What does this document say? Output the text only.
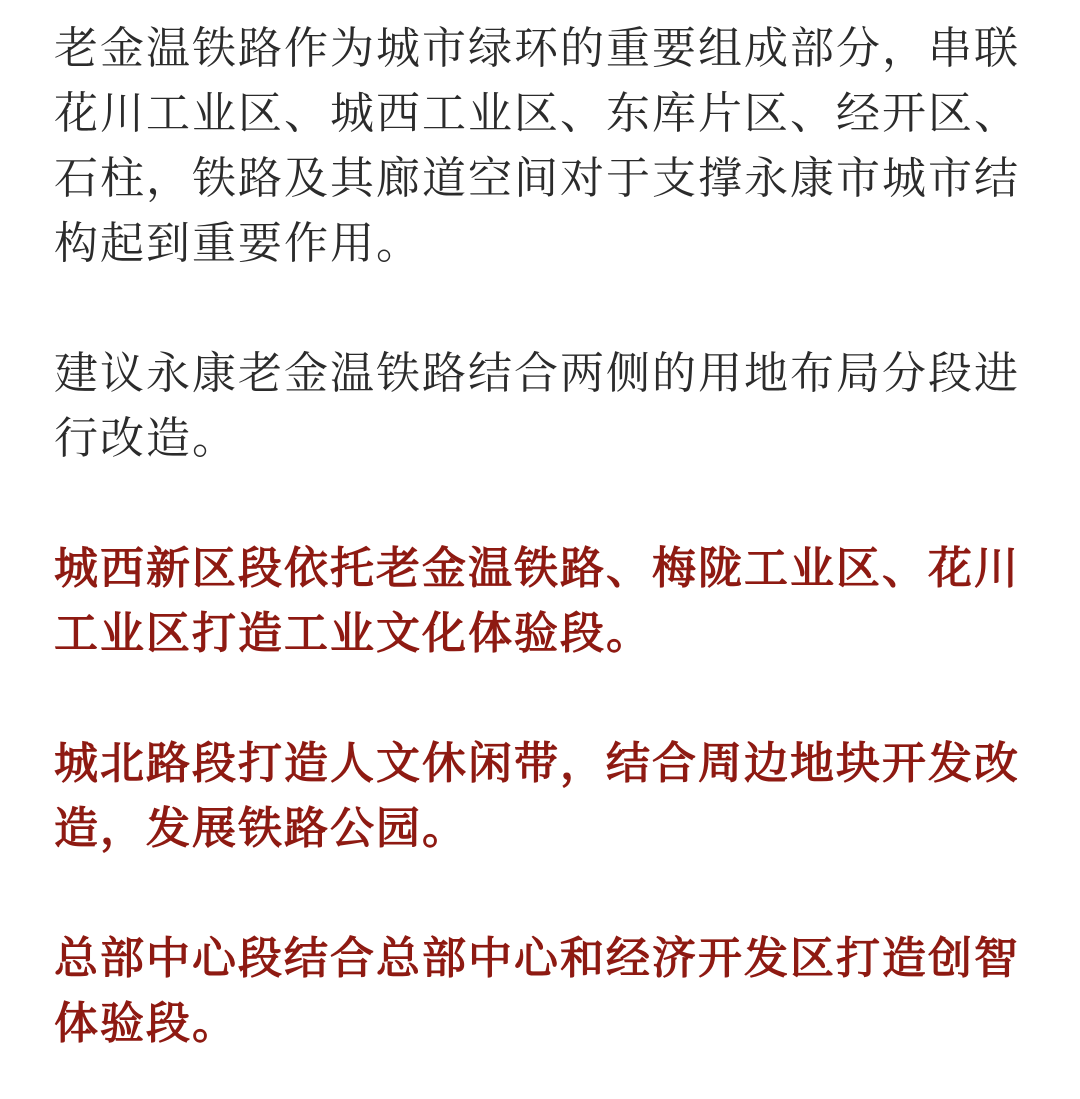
老金温铁路作为城市绿环的重要组成部分，串联花川工业区、城西工业区、东库片区、经开区、石柱，铁路及其廊道空间对于支撑永康市城市结构起到重要作用。

建议永康老金温铁路结合两侧的用地布局分段进行改造。

城西新区段依托老金温铁路、梅陇工业区、花川工业区打造工业文化体验段。

城北路段打造人文休闲带，结合周边地块开发改造，发展铁路公园。

总部中心段结合总部中心和经济开发区打造创智体验段。
